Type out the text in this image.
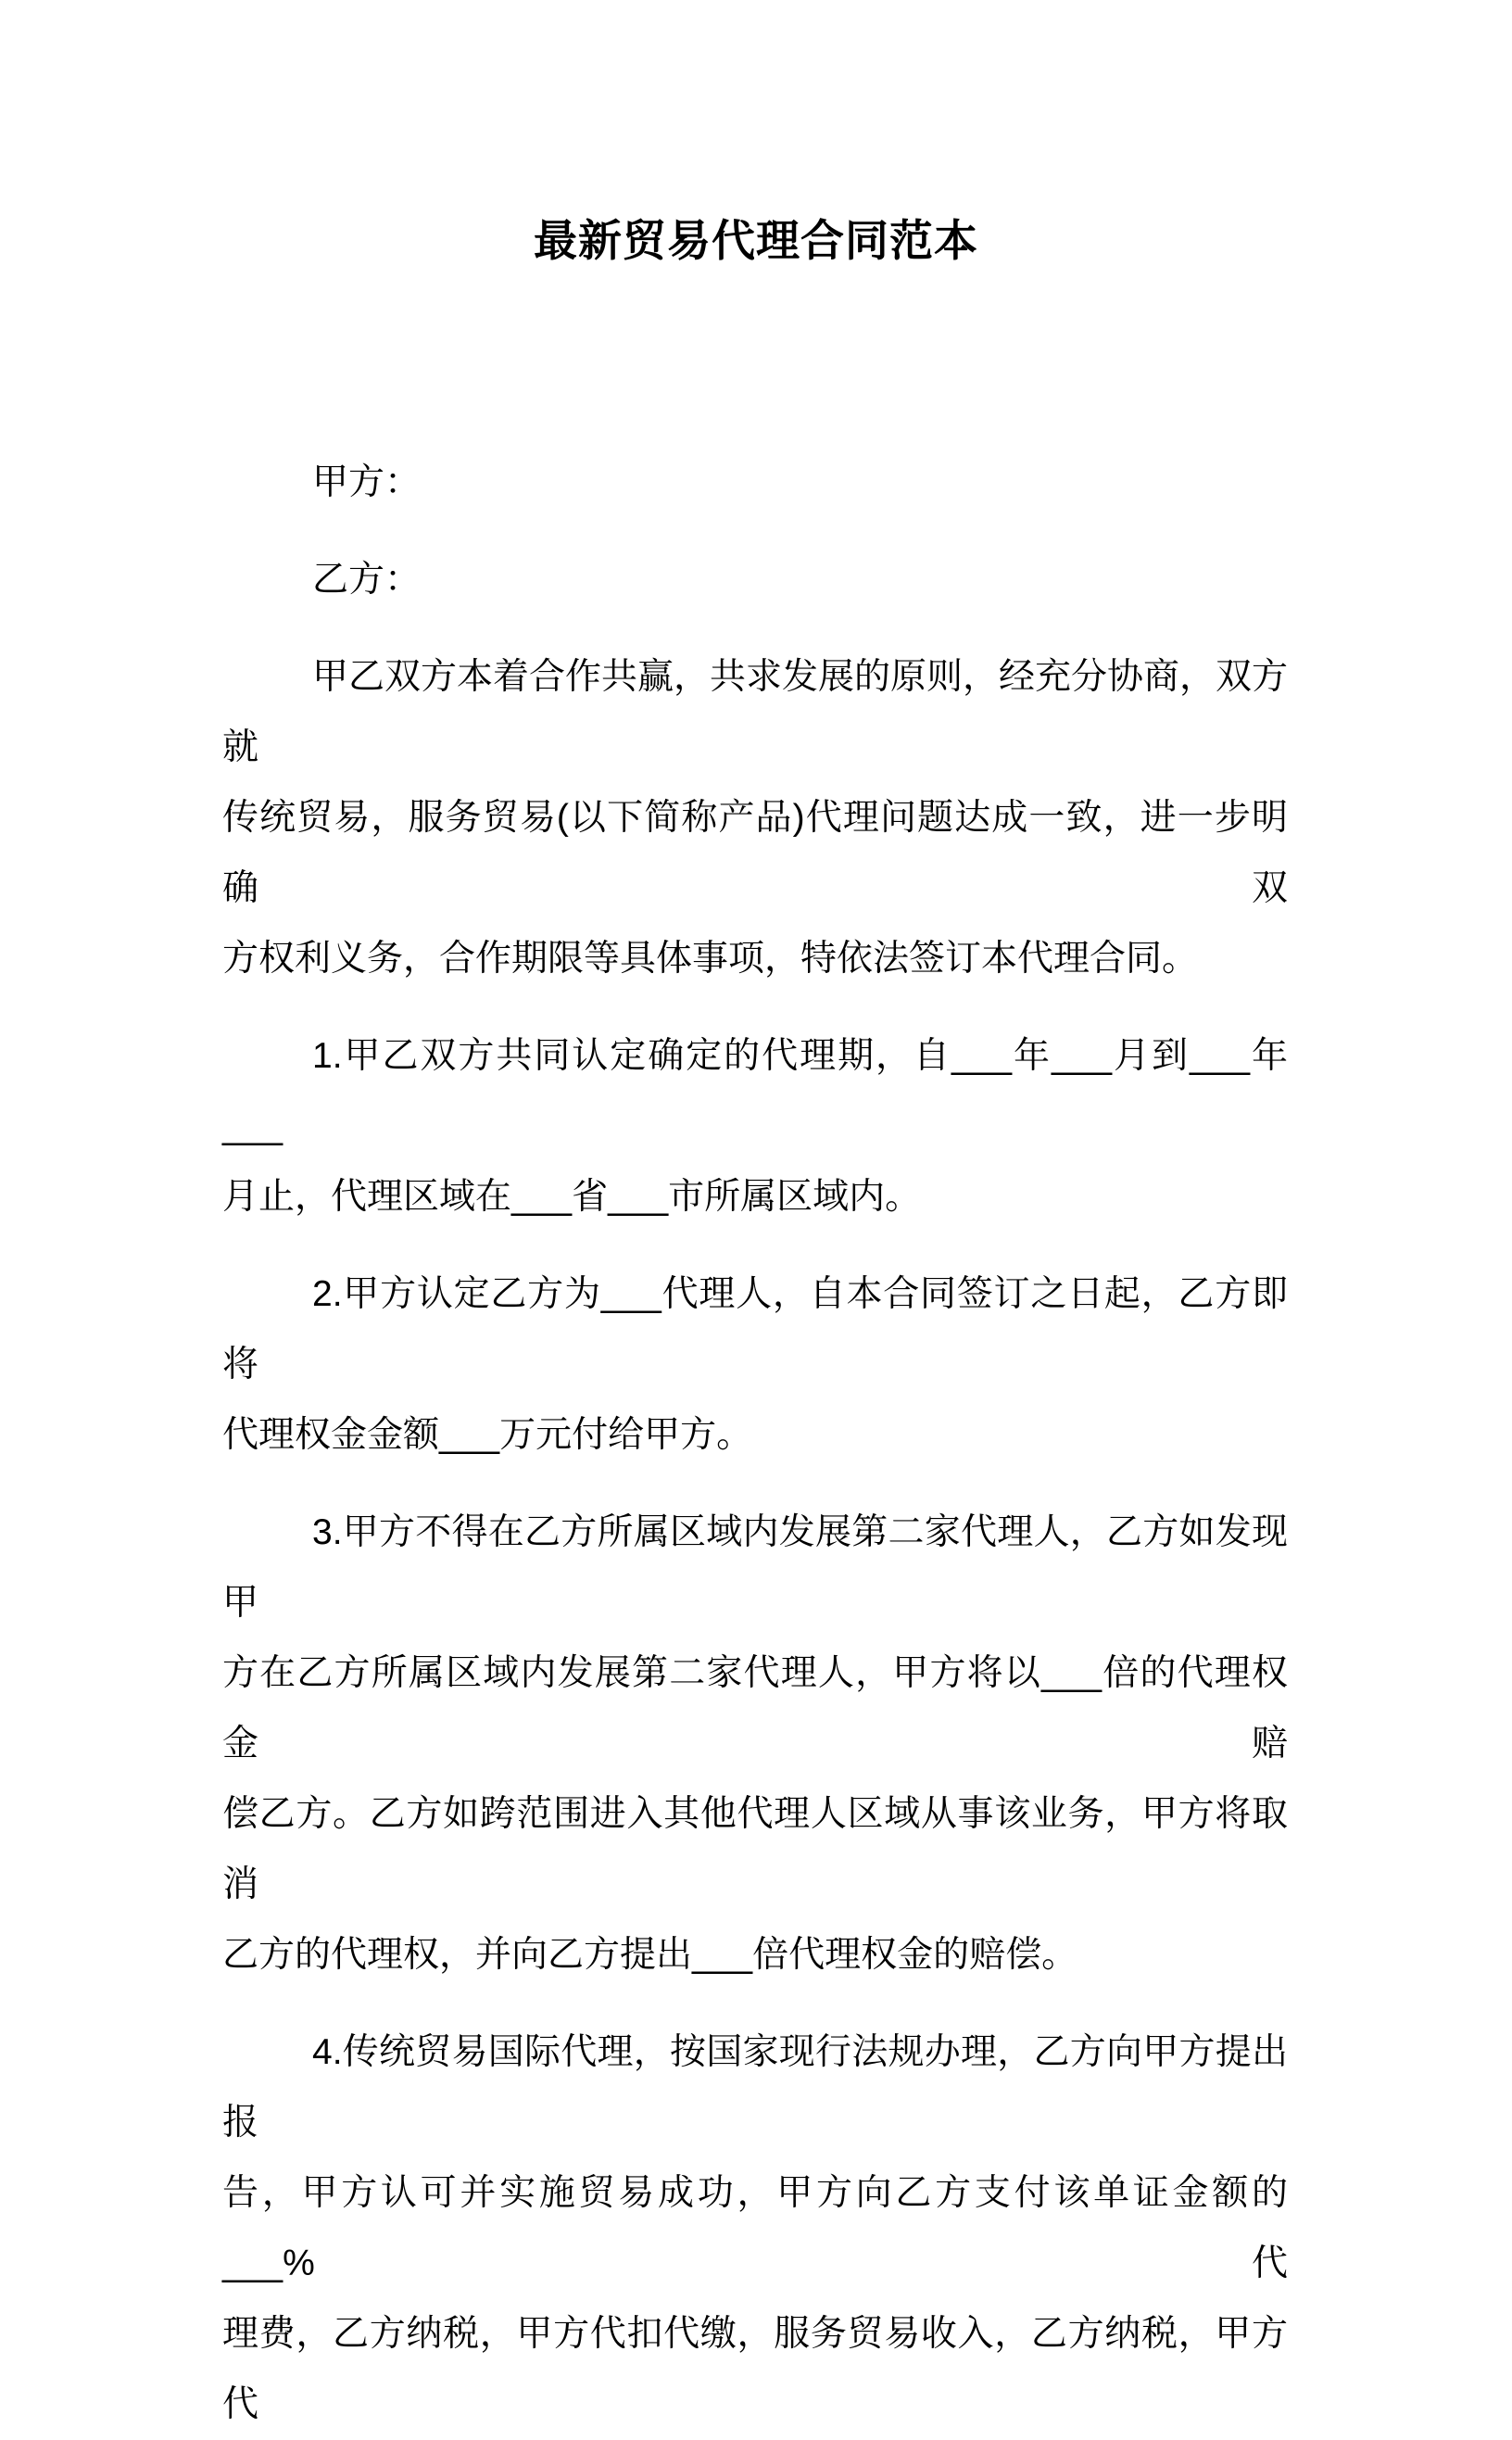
最新贸易代理合同范本
甲方：
乙方：
甲乙双方本着合作共赢，共求发展的原则，经充分协商，双方就
传统贸易，服务贸易(以下简称产品)代理问题达成一致，进一步明确双
方权利义务，合作期限等具体事项，特依法签订本代理合同。
1.甲乙双方共同认定确定的代理期，自___年___月到___年___
月止，代理区域在___省___市所属区域内。
2.甲方认定乙方为___代理人，自本合同签订之日起，乙方即将
代理权金金额___万元付给甲方。
3.甲方不得在乙方所属区域内发展第二家代理人，乙方如发现甲
方在乙方所属区域内发展第二家代理人，甲方将以___倍的代理权金赔
偿乙方。乙方如跨范围进入其他代理人区域从事该业务，甲方将取消
乙方的代理权，并向乙方提出___倍代理权金的赔偿。
4.传统贸易国际代理，按国家现行法规办理，乙方向甲方提出报
告，甲方认可并实施贸易成功，甲方向乙方支付该单证金额的___%代
理费，乙方纳税，甲方代扣代缴，服务贸易收入，乙方纳税，甲方代
